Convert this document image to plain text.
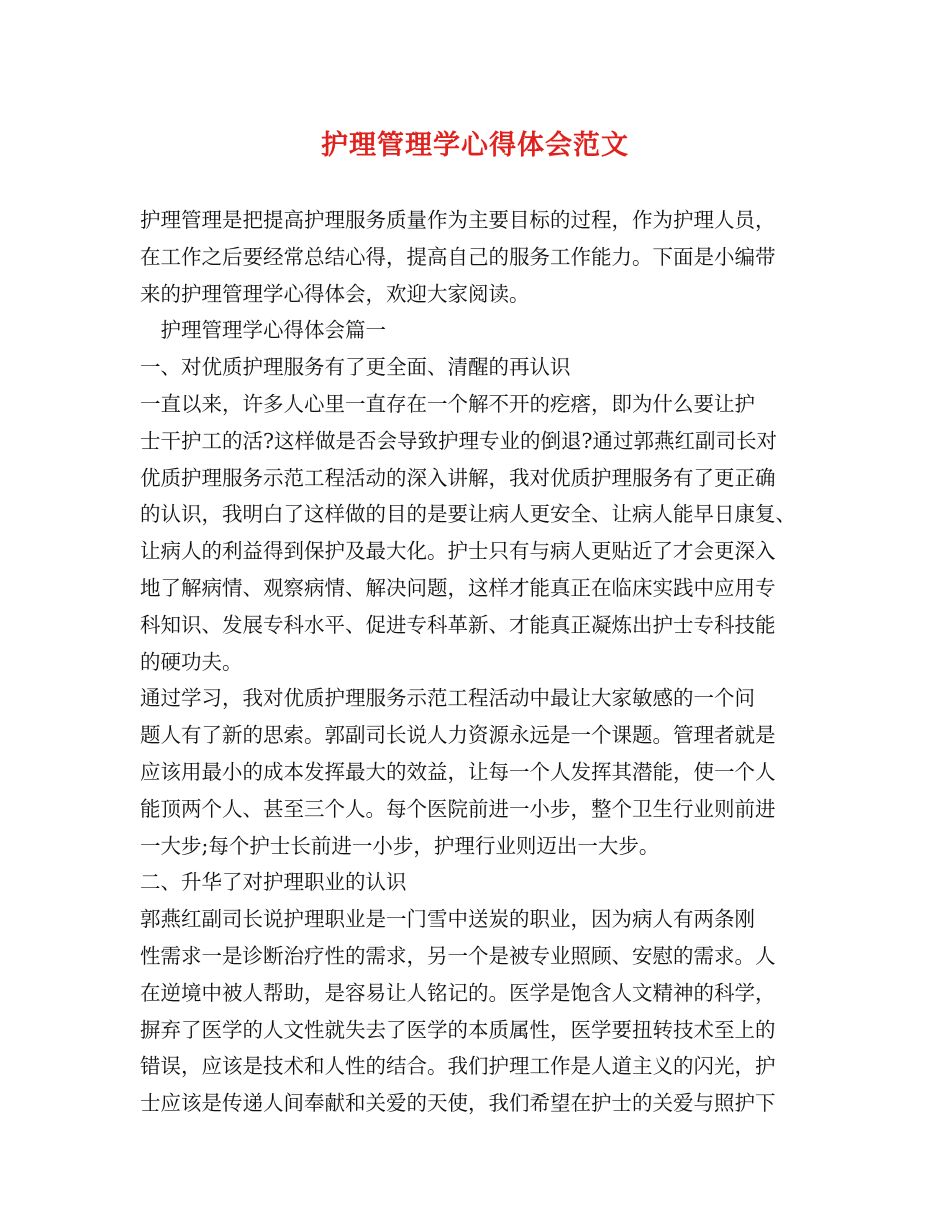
护理管理学心得体会范文
护理管理是把提高护理服务质量作为主要目标的过程，作为护理人员，
在工作之后要经常总结心得，提高自己的服务工作能力。下面是小编带
来的护理管理学心得体会，欢迎大家阅读。
　护理管理学心得体会篇一
一、对优质护理服务有了更全面、清醒的再认识
一直以来，许多人心里一直存在一个解不开的疙瘩，即为什么要让护
士干护工的活?这样做是否会导致护理专业的倒退?通过郭燕红副司长对
优质护理服务示范工程活动的深入讲解，我对优质护理服务有了更正确
的认识，我明白了这样做的目的是要让病人更安全、让病人能早日康复、
让病人的利益得到保护及最大化。护士只有与病人更贴近了才会更深入
地了解病情、观察病情、解决问题，这样才能真正在临床实践中应用专
科知识、发展专科水平、促进专科革新、才能真正凝炼出护士专科技能
的硬功夫。
通过学习，我对优质护理服务示范工程活动中最让大家敏感的一个问
题人有了新的思索。郭副司长说人力资源永远是一个课题。管理者就是
应该用最小的成本发挥最大的效益，让每一个人发挥其潜能，使一个人
能顶两个人、甚至三个人。每个医院前进一小步，整个卫生行业则前进
一大步;每个护士长前进一小步，护理行业则迈出一大步。
二、升华了对护理职业的认识
郭燕红副司长说护理职业是一门雪中送炭的职业，因为病人有两条刚
性需求一是诊断治疗性的需求，另一个是被专业照顾、安慰的需求。人
在逆境中被人帮助，是容易让人铭记的。医学是饱含人文精神的科学，
摒弃了医学的人文性就失去了医学的本质属性，医学要扭转技术至上的
错误，应该是技术和人性的结合。我们护理工作是人道主义的闪光，护
士应该是传递人间奉献和关爱的天使，我们希望在护士的关爱与照护下
